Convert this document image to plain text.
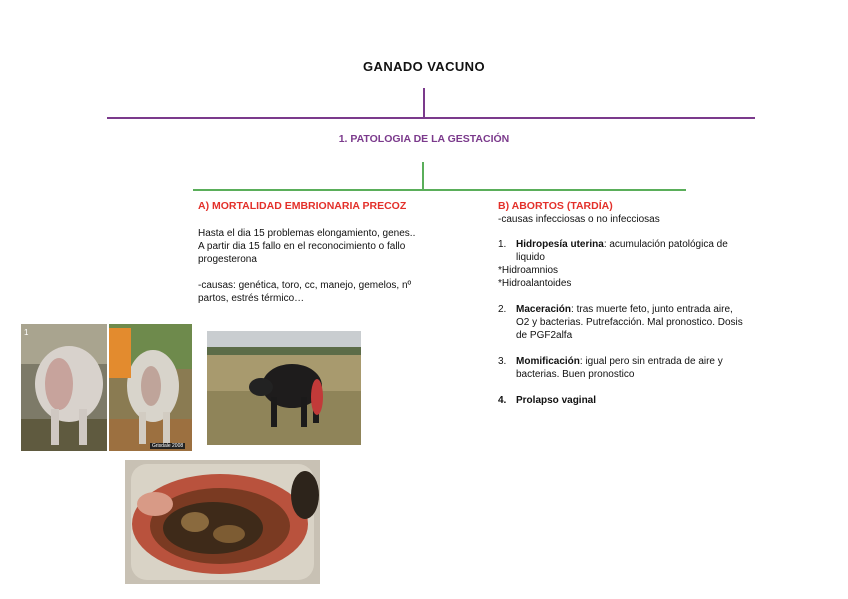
GANADO VACUNO
1. PATOLOGIA DE LA GESTACIÓN
A) MORTALIDAD EMBRIONARIA PRECOZ

Hasta el dia 15 problemas elongamiento, genes..

A partir dia 15 fallo en el reconocimiento o fallo

progesterona

-causas: genética, toro, cc, manejo, gemelos, nº

partos, estrés térmico…

B) ABORTOS (TARDÍA)

-causas infecciosas o no infecciosas

1. Hidropesía uterina: acumulación patológica de liquido

*Hidroamnios

*Hidroalantoides

2. Maceración: tras muerte feto, junto entrada aire, O2 y bacterias. Putrefacción. Mal pronostico. Dosis de PGF2alfa
3. Momificación: igual pero sin entrada de aire y bacterias. Buen pronostico
4. Prolapso vaginal
1
Grisdale 2008
